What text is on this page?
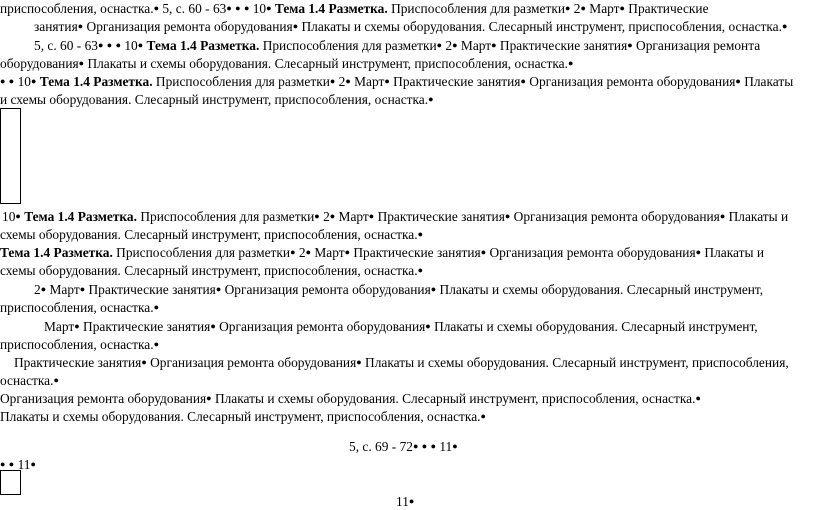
приспособления, оснастка.● 5, с. 60 - 63● ● ● 10● Тема 1.4 Разметка. Приспособления для разметки● 2● Март● Практические
занятия● Организация ремонта оборудования● Плакаты и схемы оборудования. Слесарный инструмент, приспособления, оснастка.●
5, с. 60 - 63● ● ● 10● Тема 1.4 Разметка. Приспособления для разметки● 2● Март● Практические занятия● Организация ремонта
оборудования● Плакаты и схемы оборудования. Слесарный инструмент, приспособления, оснастка.●
● ● 10● Тема 1.4 Разметка. Приспособления для разметки● 2● Март● Практические занятия● Организация ремонта оборудования● Плакаты
и схемы оборудования. Слесарный инструмент, приспособления, оснастка.●
10● Тема 1.4 Разметка. Приспособления для разметки● 2● Март● Практические занятия● Организация ремонта оборудования● Плакаты и
схемы оборудования. Слесарный инструмент, приспособления, оснастка.●
Тема 1.4 Разметка. Приспособления для разметки● 2● Март● Практические занятия● Организация ремонта оборудования● Плакаты и
схемы оборудования. Слесарный инструмент, приспособления, оснастка.●
2● Март● Практические занятия● Организация ремонта оборудования● Плакаты и схемы оборудования. Слесарный инструмент,
приспособления, оснастка.●
Март● Практические занятия● Организация ремонта оборудования● Плакаты и схемы оборудования. Слесарный инструмент,
приспособления, оснастка.●
Практические занятия● Организация ремонта оборудования● Плакаты и схемы оборудования. Слесарный инструмент, приспособления,
оснастка.●
Организация ремонта оборудования● Плакаты и схемы оборудования. Слесарный инструмент, приспособления, оснастка.●
Плакаты и схемы оборудования. Слесарный инструмент, приспособления, оснастка.●
5, с. 69 - 72● ● ● 11●
● ● 11●
11●
